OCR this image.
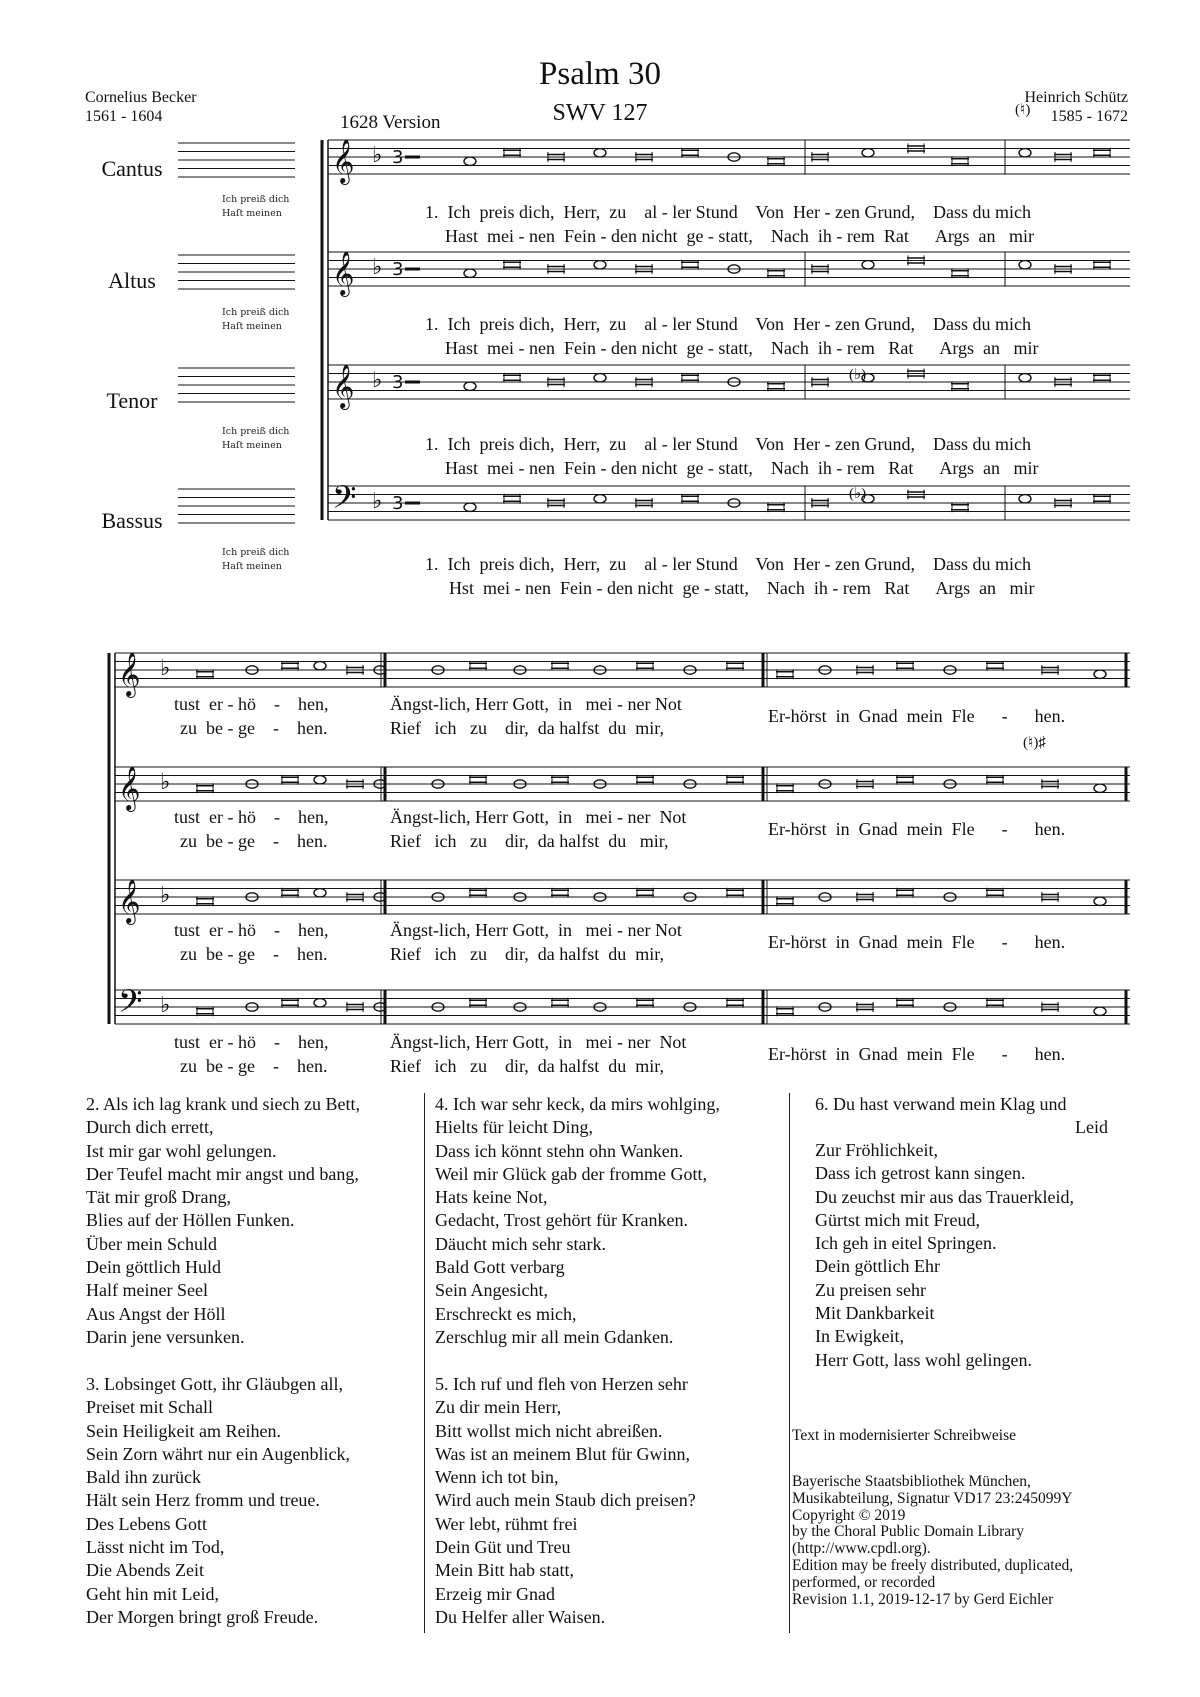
Psalm 30
SWV 127
1628 Version
Cornelius Becker
1561 - 1604
Heinrich Schütz
1585 - 1672
Cantus
Altus
Tenor
Bassus
Ich preiß dich
Haſt meinen
Ich preiß dich
Haſt meinen
Ich preiß dich
Haſt meinen
Ich preiß dich
Haſt meinen
𝄞 ♭ 3
𝄞 ♭ 3
𝄞 ♭ 3
𝄢 ♭ 3
𝄞 ♭
𝄞 ♭
𝄞 ♭
𝄢 ♭
(♮)
(♭)
(♭)
(♮)♯
1.  Ich  preis dich,  Herr,  zu    al - ler Stund    Von  Her - zen Grund,    Dass du mich
Hast  mei - nen  Fein - den nicht  ge - statt,    Nach  ih - rem  Rat      Args  an   mir
1.  Ich  preis dich,  Herr,  zu    al - ler Stund    Von  Her - zen Grund,    Dass du mich
Hast  mei - nen  Fein - den nicht  ge - statt,    Nach  ih - rem   Rat      Args  an   mir
1.  Ich  preis dich,  Herr,  zu    al - ler Stund    Von  Her - zen Grund,    Dass du mich
Hast  mei - nen  Fein - den nicht  ge - statt,    Nach  ih - rem   Rat      Args  an   mir
1.  Ich  preis dich,  Herr,  zu    al - ler Stund    Von  Her - zen Grund,    Dass du mich
Hst  mei - nen  Fein - den nicht  ge - statt,    Nach  ih - rem   Rat      Args  an   mir
tust  er - hö    -    hen,
zu  be - ge    -    hen.
Ängst-lich, Herr Gott,  in   mei - ner Not
Rief   ich   zu    dir,  da halfst  du  mir,
Er-hörst  in  Gnad  mein  Fle      -      hen.
tust  er - hö    -    hen,
zu  be - ge    -    hen.
Ängst-lich, Herr Gott,  in   mei - ner  Not
Rief   ich   zu    dir,  da halfst  du   mir,
Er-hörst  in  Gnad  mein  Fle      -      hen.
tust  er - hö    -    hen,
zu  be - ge    -    hen.
Ängst-lich, Herr Gott,  in   mei - ner Not
Rief   ich   zu    dir,  da halfst  du  mir,
Er-hörst  in  Gnad  mein  Fle      -      hen.
tust  er - hö    -    hen,
zu  be - ge    -    hen.
Ängst-lich, Herr Gott,  in   mei - ner  Not
Rief   ich   zu    dir,  da halfst  du  mir,
Er-hörst  in  Gnad  mein  Fle      -      hen.
2. Als ich lag krank und siech zu Bett,
Durch dich errett,
Ist mir gar wohl gelungen.
Der Teufel macht mir angst und bang,
Tät mir groß Drang,
Blies auf der Höllen Funken.
Über mein Schuld
Dein göttlich Huld
Half meiner Seel
Aus Angst der Höll
Darin jene versunken.
3. Lobsinget Gott, ihr Gläubgen all,
Preiset mit Schall
Sein Heiligkeit am Reihen.
Sein Zorn währt nur ein Augenblick,
Bald ihn zurück
Hält sein Herz fromm und treue.
Des Lebens Gott
Lässt nicht im Tod,
Die Abends Zeit
Geht hin mit Leid,
Der Morgen bringt groß Freude.
4. Ich war sehr keck, da mirs wohlging,
Hielts für leicht Ding,
Dass ich könnt stehn ohn Wanken.
Weil mir Glück gab der fromme Gott,
Hats keine Not,
Gedacht, Trost gehört für Kranken.
Däucht mich sehr stark.
Bald Gott verbarg
Sein Angesicht,
Erschreckt es mich,
Zerschlug mir all mein Gdanken.
5. Ich ruf und fleh von Herzen sehr
Zu dir mein Herr,
Bitt wollst mich nicht abreißen.
Was ist an meinem Blut für Gwinn,
Wenn ich tot bin,
Wird auch mein Staub dich preisen?
Wer lebt, rühmt frei
Dein Güt und Treu
Mein Bitt hab statt,
Erzeig mir Gnad
Du Helfer aller Waisen.
6. Du hast verwand mein Klag und
Leid
Zur Fröhlichkeit,
Dass ich getrost kann singen.
Du zeuchst mir aus das Trauerkleid,
Gürtst mich mit Freud,
Ich geh in eitel Springen.
Dein göttlich Ehr
Zu preisen sehr
Mit Dankbarkeit
In Ewigkeit,
Herr Gott, lass wohl gelingen.
Text in modernisierter Schreibweise
Bayerische Staatsbibliothek München,
Musikabteilung, Signatur VD17 23:245099Y
Copyright © 2019
by the Choral Public Domain Library
(http://www.cpdl.org).
Edition may be freely distributed, duplicated,
performed, or recorded
Revision 1.1, 2019-12-17 by Gerd Eichler
